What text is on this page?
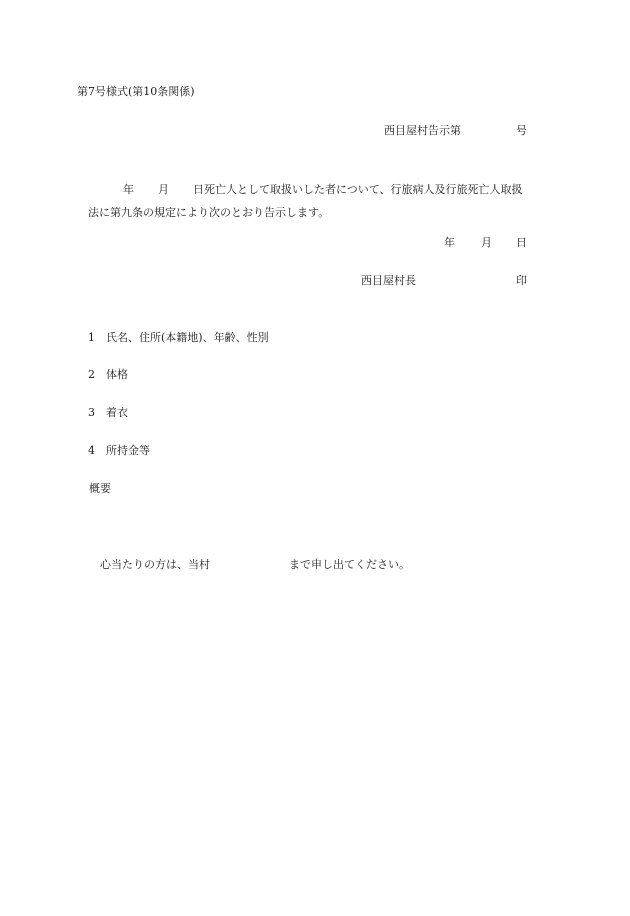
第7号様式(第10条関係)
西目屋村告示第	号
年 月 日死亡人として取扱いした者について、行旅病人及行旅死亡人取扱
法に第九条の規定により次のとおり告示します。
年 月 日
西目屋村長	印
1 氏名、住所(本籍地)、年齢、性別
2 体格
3 着衣
4 所持金等
概要
心当たりの方は、当村	まで申し出てください。
